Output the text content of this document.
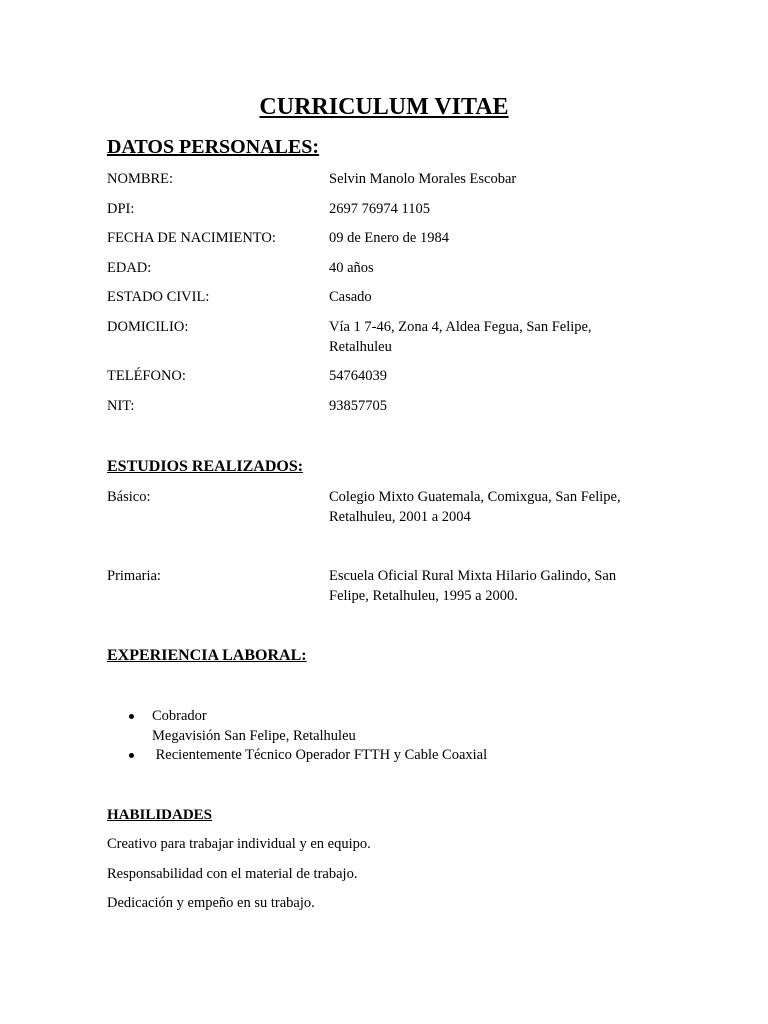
CURRICULUM VITAE
DATOS PERSONALES:
NOMBRE:	Selvin Manolo Morales Escobar
DPI:	2697 76974 1105
FECHA DE NACIMIENTO:	09 de Enero de 1984
EDAD:	40 años
ESTADO CIVIL:	Casado
DOMICILIO:	Vía 1 7-46, Zona 4, Aldea Fegua, San Felipe, Retalhuleu
TELÉFONO:	54764039
NIT:	93857705
ESTUDIOS REALIZADOS:
Básico:	Colegio Mixto Guatemala, Comixgua, San Felipe, Retalhuleu, 2001 a 2004
Primaria:	Escuela Oficial Rural Mixta Hilario Galindo, San Felipe, Retalhuleu, 1995 a 2000.
EXPERIENCIA LABORAL:
Cobrador
Megavisión San Felipe, Retalhuleu
Recientemente Técnico Operador FTTH y Cable Coaxial
HABILIDADES
Creativo para trabajar individual y en equipo.
Responsabilidad con el material de trabajo.
Dedicación y empeño en su trabajo.
